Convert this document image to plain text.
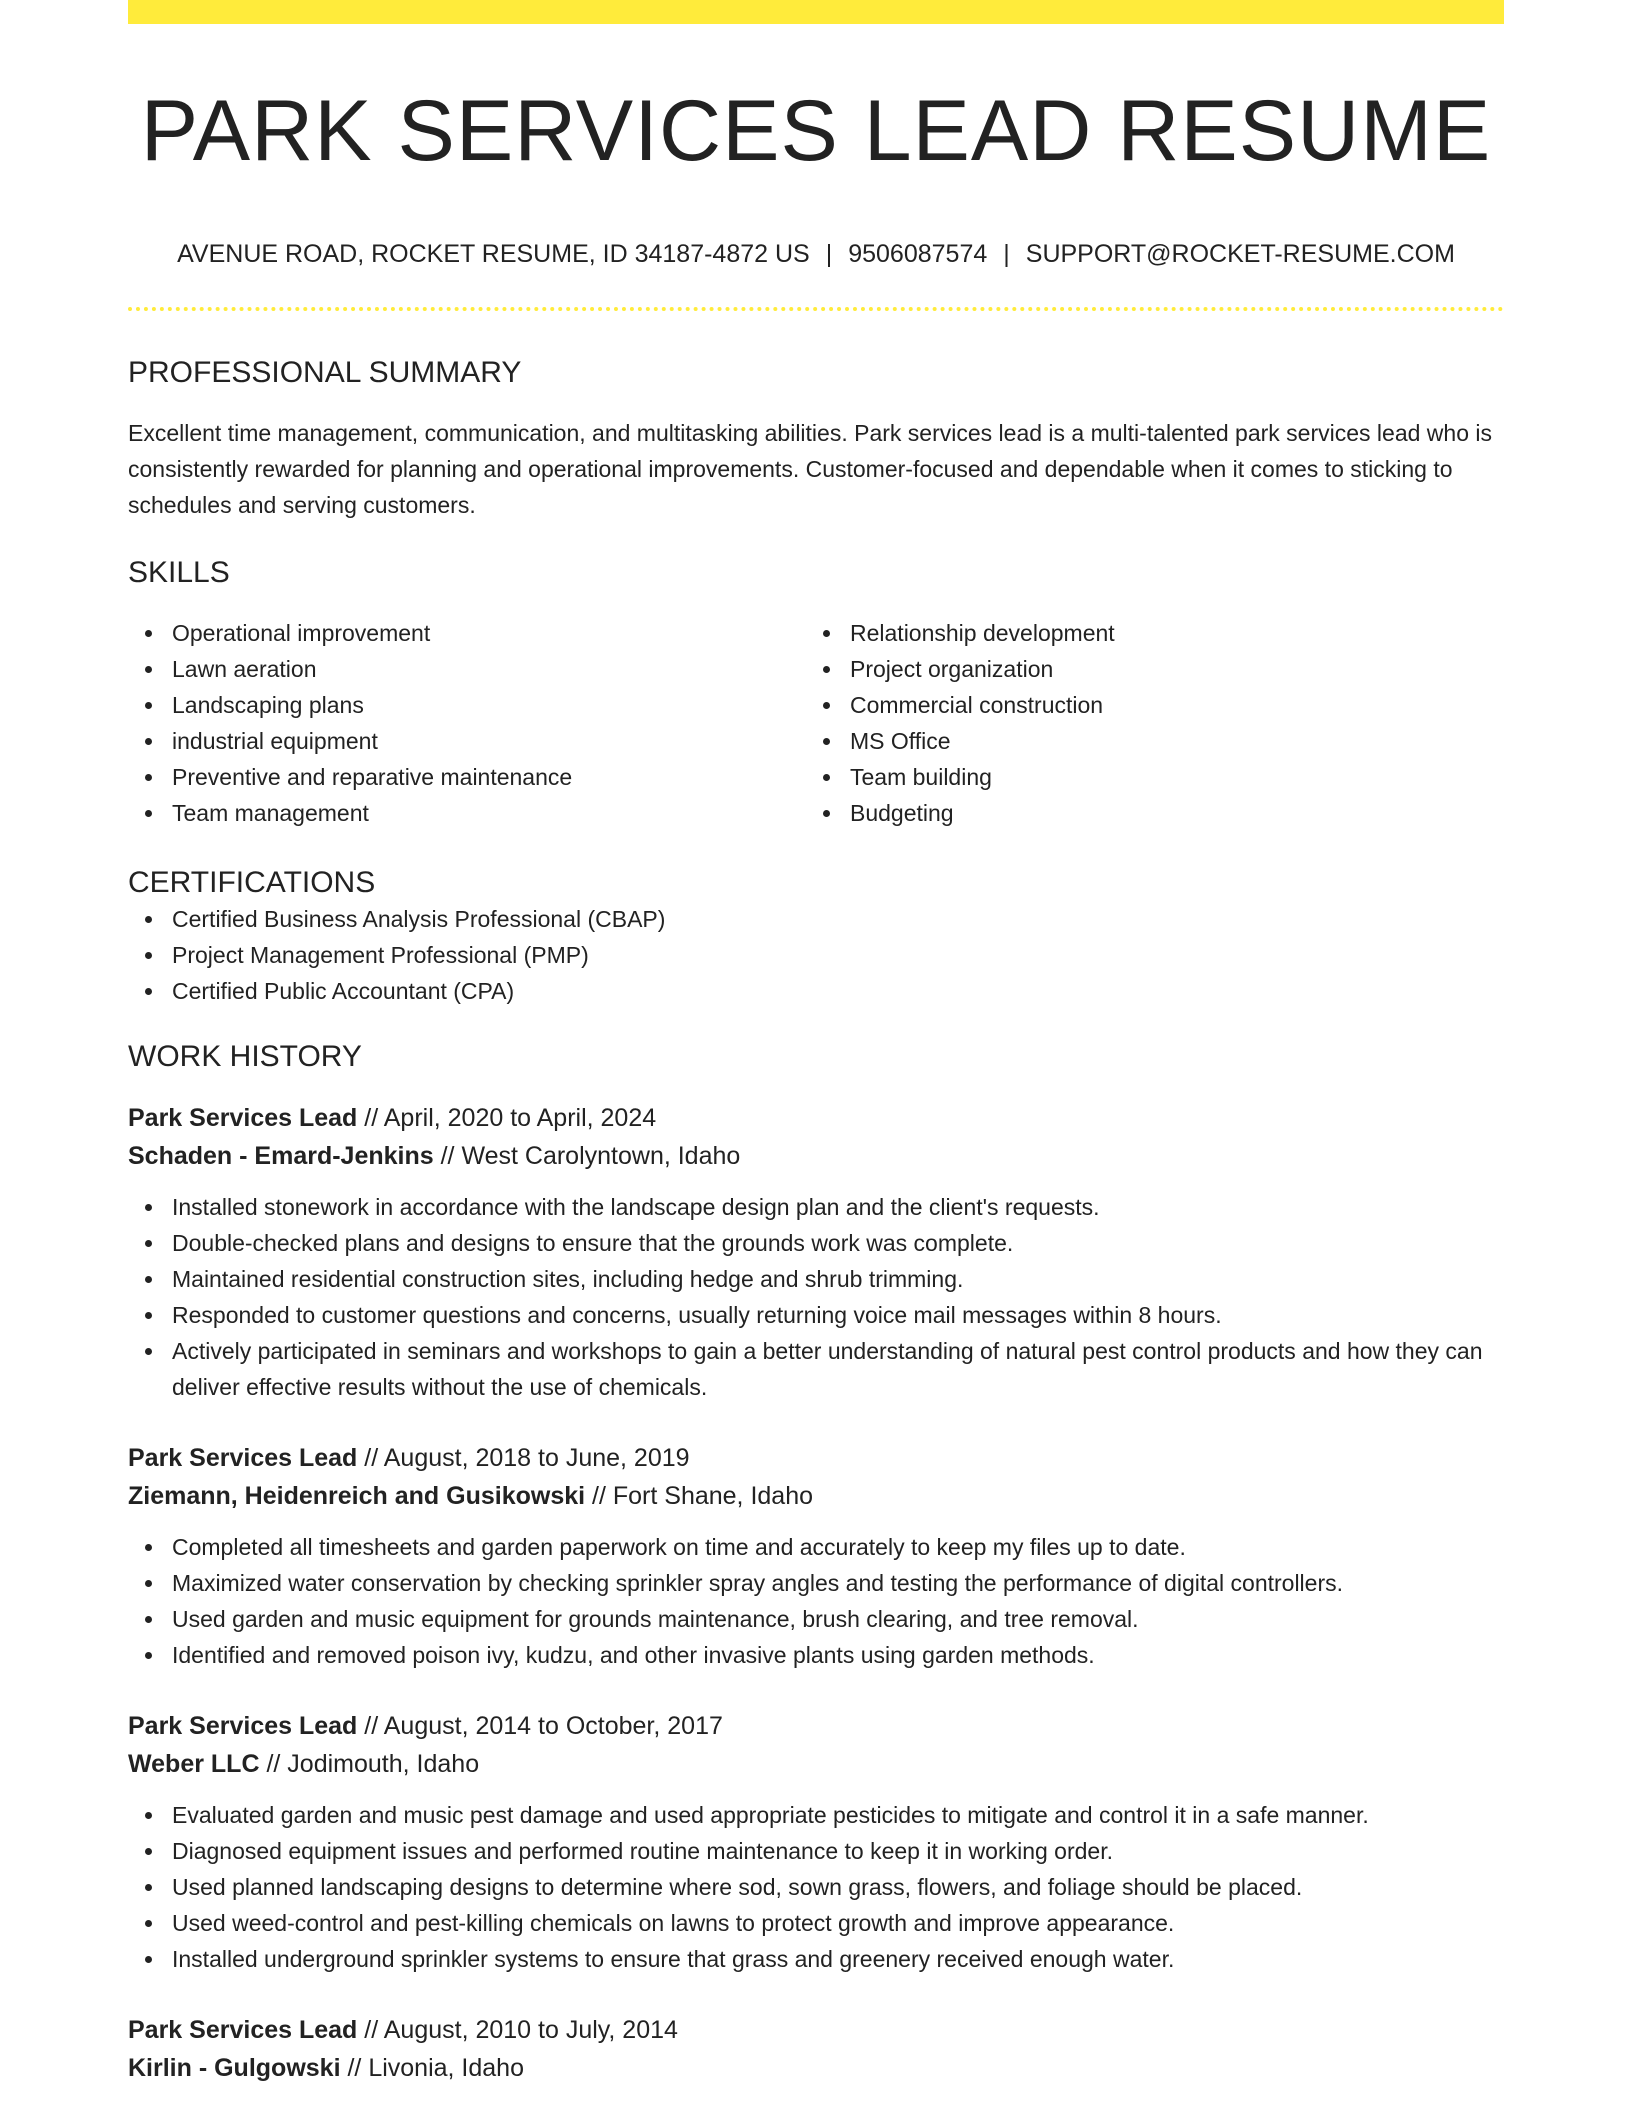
PARK SERVICES LEAD RESUME
AVENUE ROAD, ROCKET RESUME, ID 34187-4872 US | 9506087574 | SUPPORT@ROCKET-RESUME.COM
PROFESSIONAL SUMMARY
Excellent time management, communication, and multitasking abilities. Park services lead is a multi-talented park services lead who is consistently rewarded for planning and operational improvements. Customer-focused and dependable when it comes to sticking to schedules and serving customers.
SKILLS
Operational improvement
Lawn aeration
Landscaping plans
industrial equipment
Preventive and reparative maintenance
Team management
Relationship development
Project organization
Commercial construction
MS Office
Team building
Budgeting
CERTIFICATIONS
Certified Business Analysis Professional (CBAP)
Project Management Professional (PMP)
Certified Public Accountant (CPA)
WORK HISTORY
Park Services Lead // April, 2020 to April, 2024
Schaden - Emard-Jenkins // West Carolyntown, Idaho
Installed stonework in accordance with the landscape design plan and the client's requests.
Double-checked plans and designs to ensure that the grounds work was complete.
Maintained residential construction sites, including hedge and shrub trimming.
Responded to customer questions and concerns, usually returning voice mail messages within 8 hours.
Actively participated in seminars and workshops to gain a better understanding of natural pest control products and how they can deliver effective results without the use of chemicals.
Park Services Lead // August, 2018 to June, 2019
Ziemann, Heidenreich and Gusikowski // Fort Shane, Idaho
Completed all timesheets and garden paperwork on time and accurately to keep my files up to date.
Maximized water conservation by checking sprinkler spray angles and testing the performance of digital controllers.
Used garden and music equipment for grounds maintenance, brush clearing, and tree removal.
Identified and removed poison ivy, kudzu, and other invasive plants using garden methods.
Park Services Lead // August, 2014 to October, 2017
Weber LLC // Jodimouth, Idaho
Evaluated garden and music pest damage and used appropriate pesticides to mitigate and control it in a safe manner.
Diagnosed equipment issues and performed routine maintenance to keep it in working order.
Used planned landscaping designs to determine where sod, sown grass, flowers, and foliage should be placed.
Used weed-control and pest-killing chemicals on lawns to protect growth and improve appearance.
Installed underground sprinkler systems to ensure that grass and greenery received enough water.
Park Services Lead // August, 2010 to July, 2014
Kirlin - Gulgowski // Livonia, Idaho
